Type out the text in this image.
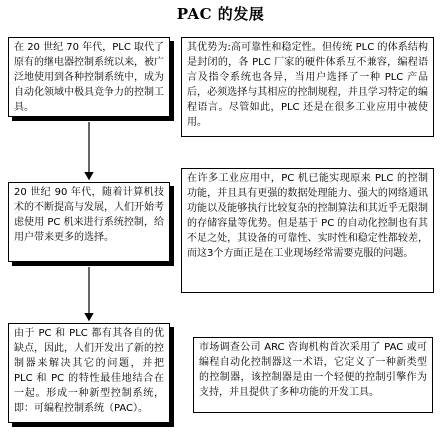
PAC 的发展
在 20 世纪 70 年代，PLC 取代了原有的继电器控制系统以来，被广泛地使用到各种控制系统中，成为自动化领域中极具竞争力的控制工具。
20 世纪 90 年代，随着计算机技术的不断提高与发展，人们开始考虑使用 PC 机来进行系统控制，给用户带来更多的选择。
由于 PC 和 PLC 都有其各自的优缺点，因此，人们开发出了新的控制器来解决其它的问题，并把 PLC 和 PC 的特性最佳地结合在一起。形成一种新型控制系统，即：可编程控制系统（PAC）。
其优势为:高可靠性和稳定性。但传统 PLC 的体系结构是封闭的，各 PLC 厂家的硬件体系互不兼容，编程语言及指令系统也各异，当用户选择了一种 PLC 产品后，必须选择与其相应的控制规程，并且学习特定的编程语言。尽管如此，PLC 还是在很多工业应用中被使用。
在许多工业应用中，PC 机已能实现原来 PLC 的控制功能，并且具有更强的数据处理能力、强大的网络通讯功能以及能够执行比较复杂的控制算法和其近乎无限制的存储容量等优势。但是基于 PC 的自动化控制也有其不足之处，其设备的可靠性、实时性和稳定性都较差，而这3个方面正是在工业现场经常需要克服的问题。
市场调查公司 ARC 咨询机构首次采用了 PAC 或可编程自动化控制器这一术语，它定义了一种新类型的控制器，该控制器是由一个轻便的控制引擎作为支持，并且提供了多种功能的开发工具。
